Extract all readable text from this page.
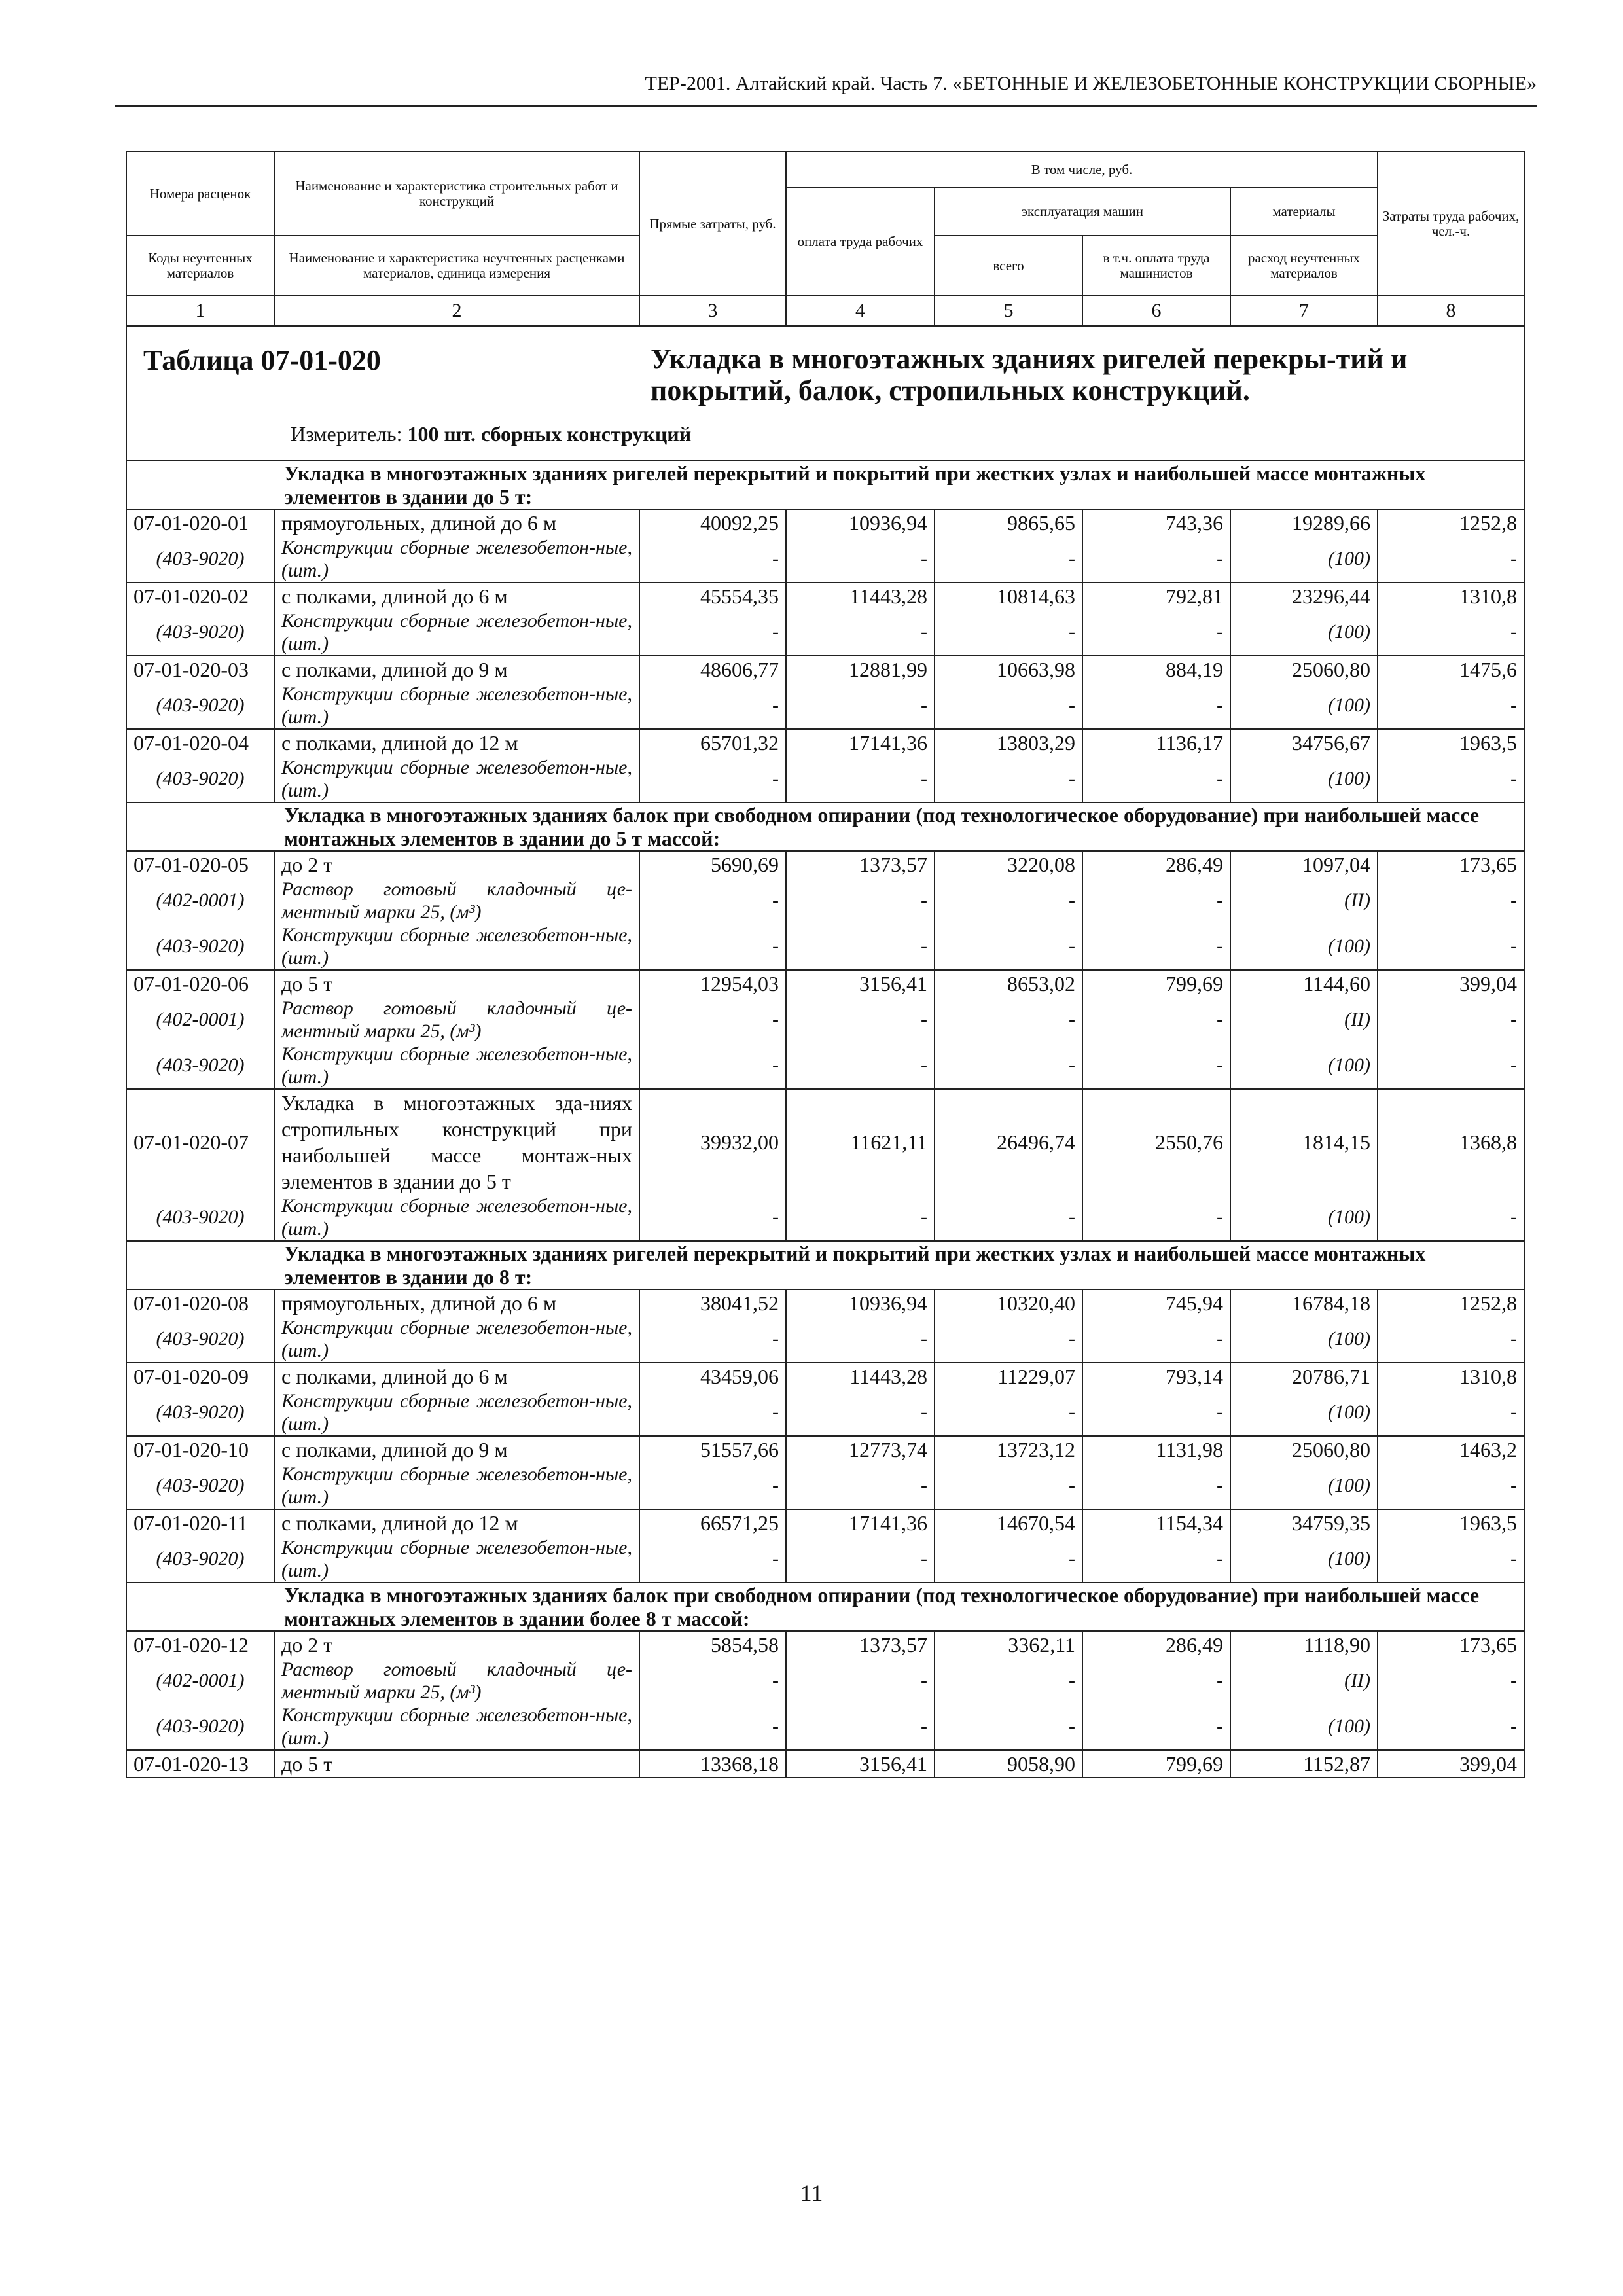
ТЕР-2001. Алтайский край. Часть 7. «БЕТОННЫЕ И ЖЕЛЕЗОБЕТОННЫЕ КОНСТРУКЦИИ СБОРНЫЕ»
Номера расценок	Наименование и характеристика строительных работ и конструкций	Прямые затраты, руб.	В том числе, руб.				Затраты труда рабочих, чел.-ч.
			оплата труда рабочих	эксплуатация машин		материалы	
Коды неучтенных материалов	Наименование и характеристика неучтенных расценками материалов, единица измерения			всего	в т.ч. оплата труда машинистов	расход неучтенных материалов	
1	2	3	4	5	6	7	8

Таблица 07-01-020 Укладка в многоэтажных зданиях ригелей перекры-тий и покрытий, балок, стропильных конструкций.
Измеритель: 100 шт. сборных конструкций							

Укладка в многоэтажных зданиях ригелей перекрытий и покрытий при жестких узлах и наибольшей массе монтажных элементов в здании до 5 т:							
07-01-020-01	прямоугольных, длиной до 6 м	40092,25	10936,94	9865,65	743,36	19289,66	1252,8
(403-9020)	Конструкции сборные железобетон-ные, (шт.)	-	-	-	-	(100)	-
07-01-020-02	с полками, длиной до 6 м	45554,35	11443,28	10814,63	792,81	23296,44	1310,8
(403-9020)	Конструкции сборные железобетон-ные, (шт.)	-	-	-	-	(100)	-
07-01-020-03	с полками, длиной до 9 м	48606,77	12881,99	10663,98	884,19	25060,80	1475,6
(403-9020)	Конструкции сборные железобетон-ные, (шт.)	-	-	-	-	(100)	-
07-01-020-04	с полками, длиной до 12 м	65701,32	17141,36	13803,29	1136,17	34756,67	1963,5
(403-9020)	Конструкции сборные железобетон-ные, (шт.)	-	-	-	-	(100)	-
Укладка в многоэтажных зданиях балок при свободном опирании (под технологическое оборудование) при наибольшей массе монтажных элементов в здании до 5 т массой:							
07-01-020-05	до 2 т	5690,69	1373,57	3220,08	286,49	1097,04	173,65
(402-0001)	Раствор готовый кладочный це-ментный марки 25, (м³)	-	-	-	-	(II)	-
(403-9020)	Конструкции сборные железобетон-ные, (шт.)	-	-	-	-	(100)	-
07-01-020-06	до 5 т	12954,03	3156,41	8653,02	799,69	1144,60	399,04
(402-0001)	Раствор готовый кладочный це-ментный марки 25, (м³)	-	-	-	-	(II)	-
(403-9020)	Конструкции сборные железобетон-ные, (шт.)	-	-	-	-	(100)	-
07-01-020-07	Укладка в многоэтажных зда-ниях стропильных конструкций при наибольшей массе монтаж-ных элементов в здании до 5 т	39932,00	11621,11	26496,74	2550,76	1814,15	1368,8
(403-9020)	Конструкции сборные железобетон-ные, (шт.)	-	-	-	-	(100)	-
Укладка в многоэтажных зданиях ригелей перекрытий и покрытий при жестких узлах и наибольшей массе монтажных элементов в здании до 8 т:							
07-01-020-08	прямоугольных, длиной до 6 м	38041,52	10936,94	10320,40	745,94	16784,18	1252,8
(403-9020)	Конструкции сборные железобетон-ные, (шт.)	-	-	-	-	(100)	-
07-01-020-09	с полками, длиной до 6 м	43459,06	11443,28	11229,07	793,14	20786,71	1310,8
(403-9020)	Конструкции сборные железобетон-ные, (шт.)	-	-	-	-	(100)	-
07-01-020-10	с полками, длиной до 9 м	51557,66	12773,74	13723,12	1131,98	25060,80	1463,2
(403-9020)	Конструкции сборные железобетон-ные, (шт.)	-	-	-	-	(100)	-
07-01-020-11	с полками, длиной до 12 м	66571,25	17141,36	14670,54	1154,34	34759,35	1963,5
(403-9020)	Конструкции сборные железобетон-ные, (шт.)	-	-	-	-	(100)	-
Укладка в многоэтажных зданиях балок при свободном опирании (под технологическое оборудование) при наибольшей массе монтажных элементов в здании более 8 т массой:							
07-01-020-12	до 2 т	5854,58	1373,57	3362,11	286,49	1118,90	173,65
(402-0001)	Раствор готовый кладочный це-ментный марки 25, (м³)	-	-	-	-	(II)	-
(403-9020)	Конструкции сборные железобетон-ные, (шт.)	-	-	-	-	(100)	-
07-01-020-13	до 5 т	13368,18	3156,41	9058,90	799,69	1152,87	399,04
11
